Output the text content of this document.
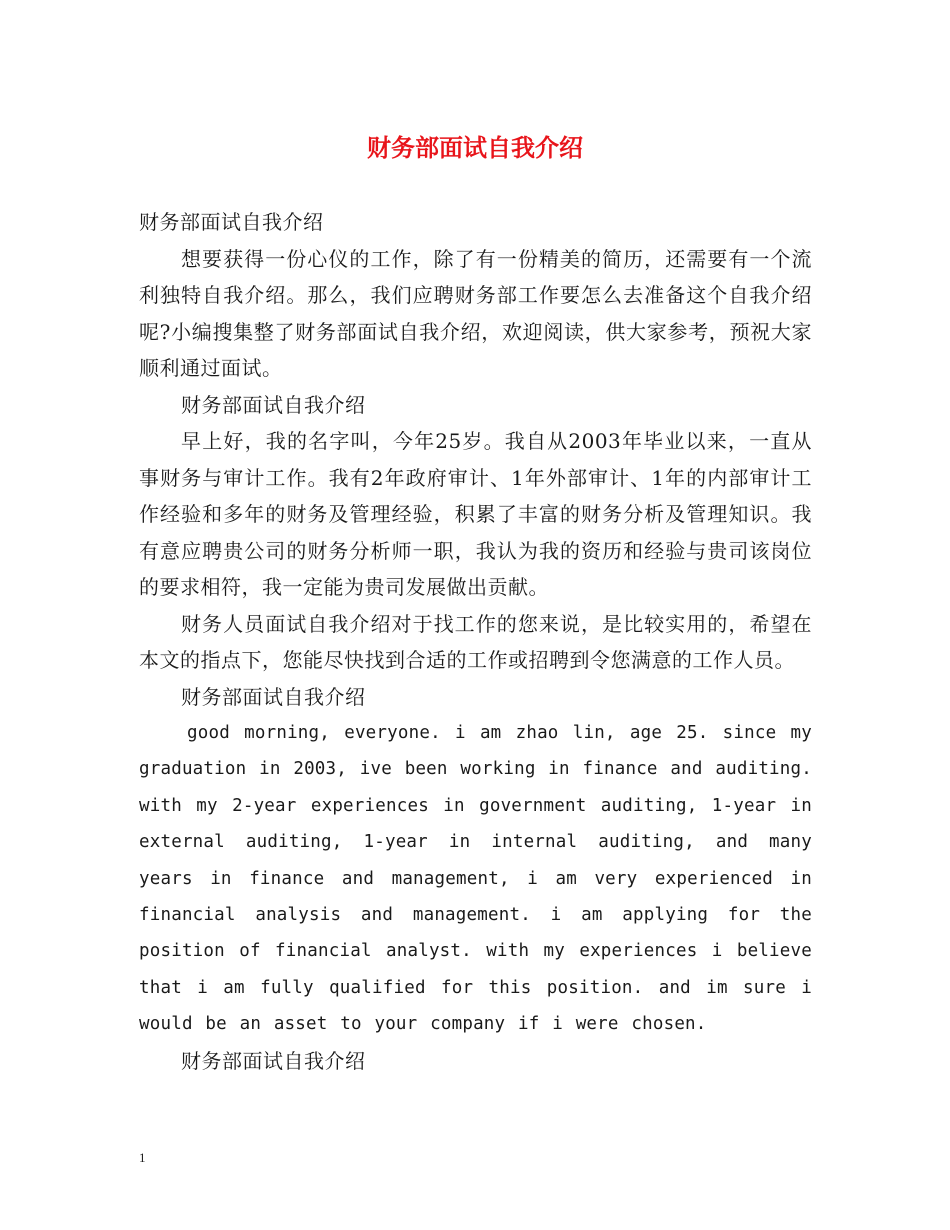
财务部面试自我介绍

财务部面试自我介绍

想要获得一份心仪的工作，除了有一份精美的简历，还需要有一个流利独特自我介绍。那么，我们应聘财务部工作要怎么去准备这个自我介绍呢?小编搜集整了财务部面试自我介绍，欢迎阅读，供大家参考，预祝大家顺利通过面试。

财务部面试自我介绍

早上好，我的名字叫，今年25岁。我自从2003年毕业以来，一直从事财务与审计工作。我有2年政府审计、1年外部审计、1年的内部审计工作经验和多年的财务及管理经验，积累了丰富的财务分析及管理知识。我有意应聘贵公司的财务分析师一职，我认为我的资历和经验与贵司该岗位的要求相符，我一定能为贵司发展做出贡献。

财务人员面试自我介绍对于找工作的您来说，是比较实用的，希望在本文的指点下，您能尽快找到合适的工作或招聘到令您满意的工作人员。

财务部面试自我介绍

good morning, everyone. i am zhao lin, age 25. since my graduation in 2003, ive been working in finance and auditing. with my 2-year experiences in government auditing, 1-year in external auditing, 1-year in internal auditing, and many years in finance and management, i am very experienced in financial analysis and management. i am applying for the position of financial analyst. with my experiences i believe that i am fully qualified for this position. and im sure i would be an asset to your company if i were chosen.

财务部面试自我介绍

1
